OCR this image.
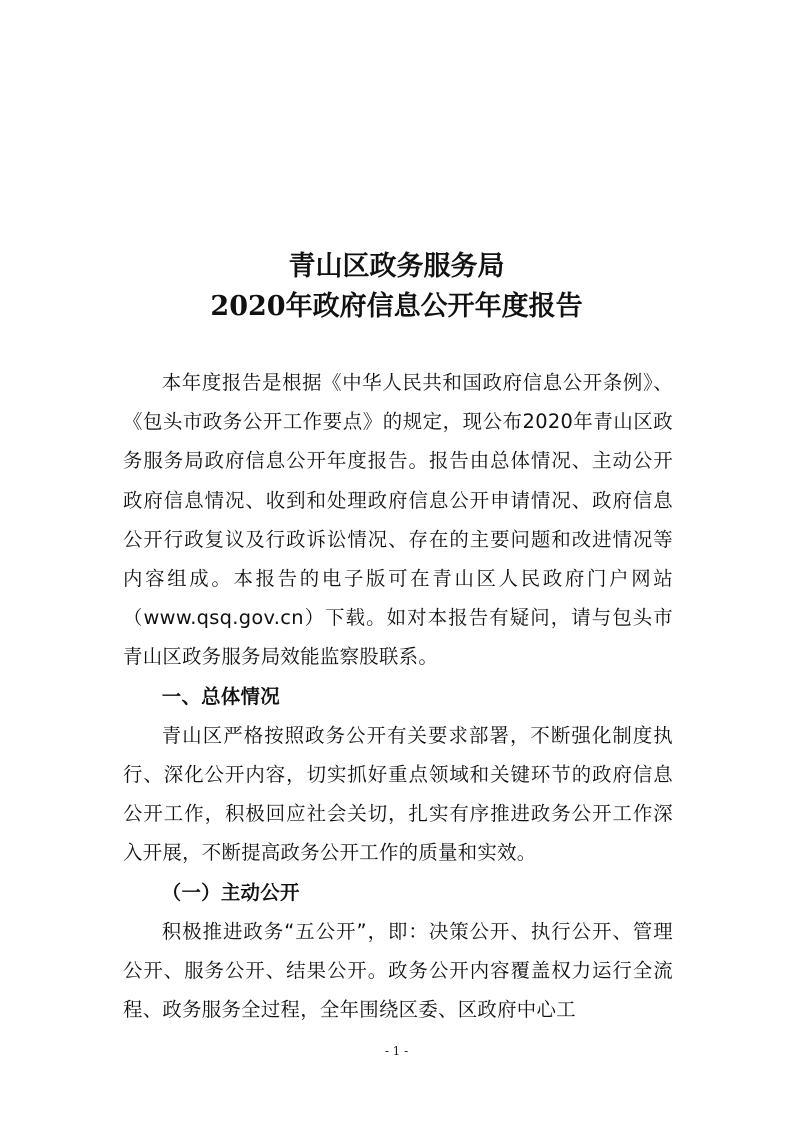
青山区政务服务局
2020年政府信息公开年度报告

本年度报告是根据《中华人民共和国政府信息公开条例》、《包头市政务公开工作要点》的规定，现公布2020年青山区政务服务局政府信息公开年度报告。报告由总体情况、主动公开政府信息情况、收到和处理政府信息公开申请情况、政府信息公开行政复议及行政诉讼情况、存在的主要问题和改进情况等内容组成。本报告的电子版可在青山区人民政府门户网站（www.qsq.gov.cn）下载。如对本报告有疑问，请与包头市青山区政务服务局效能监察股联系。

一、总体情况

青山区严格按照政务公开有关要求部署，不断强化制度执行、深化公开内容，切实抓好重点领域和关键环节的政府信息公开工作，积极回应社会关切，扎实有序推进政务公开工作深入开展，不断提高政务公开工作的质量和实效。

（一）主动公开

积极推进政务“五公开”，即：决策公开、执行公开、管理公开、服务公开、结果公开。政务公开内容覆盖权力运行全流程、政务服务全过程，全年围绕区委、区政府中心工

- 1 -
